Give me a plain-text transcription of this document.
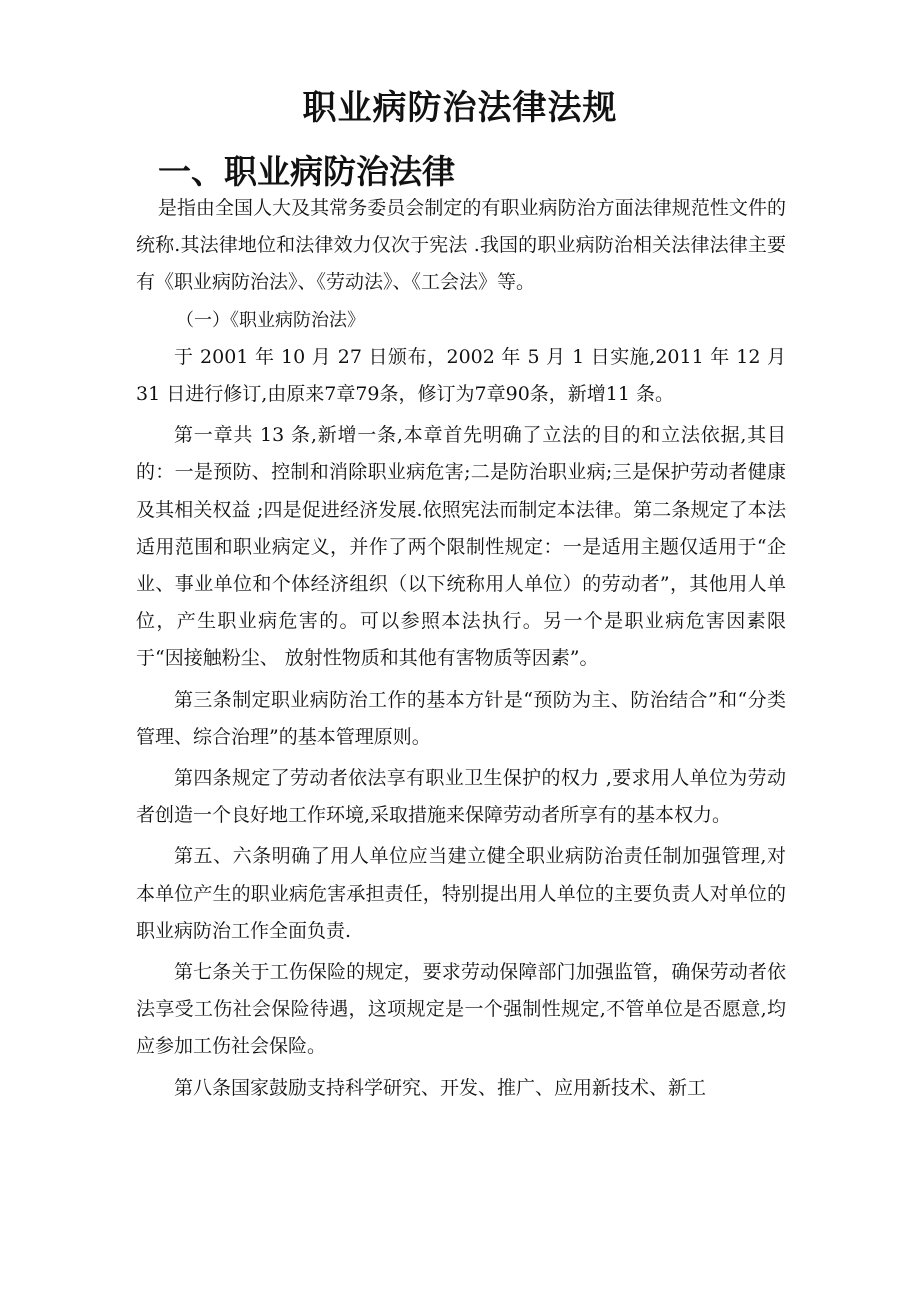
职业病防治法律法规
一、职业病防治法律

是指由全国人大及其常务委员会制定的有职业病防治方面法律规范性文件的统称.其法律地位和法律效力仅次于宪法 .我国的职业病防治相关法律法律主要有《职业病防治法》、《劳动法》、《工会法》等。

（一）《职业病防治法》

于 2001 年 10 月 27 日颁布，2002 年 5 月 1 日实施,2011 年 12 月 31 日进行修订,由原来7章79条，修订为7章90条，新增11 条。

第一章共 13 条,新增一条,本章首先明确了立法的目的和立法依据,其目的：一是预防、控制和消除职业病危害;二是防治职业病;三是保护劳动者健康及其相关权益 ;四是促进经济发展.依照宪法而制定本法律。第二条规定了本法适用范围和职业病定义，并作了两个限制性规定：一是适用主题仅适用于“企业、事业单位和个体经济组织（以下统称用人单位）的劳动者”，其他用人单位，产生职业病危害的。可以参照本法执行。另一个是职业病危害因素限于“因接触粉尘、 放射性物质和其他有害物质等因素”。

第三条制定职业病防治工作的基本方针是“预防为主、防治结合”和“分类管理、综合治理”的基本管理原则。

第四条规定了劳动者依法享有职业卫生保护的权力 ,要求用人单位为劳动者创造一个良好地工作环境,采取措施来保障劳动者所享有的基本权力。

第五、六条明确了用人单位应当建立健全职业病防治责任制加强管理,对本单位产生的职业病危害承担责任，特别提出用人单位的主要负责人对单位的职业病防治工作全面负责.

第七条关于工伤保险的规定，要求劳动保障部门加强监管，确保劳动者依法享受工伤社会保险待遇，这项规定是一个强制性规定,不管单位是否愿意,均应参加工伤社会保险。

第八条国家鼓励支持科学研究、开发、推广、应用新技术、新工
